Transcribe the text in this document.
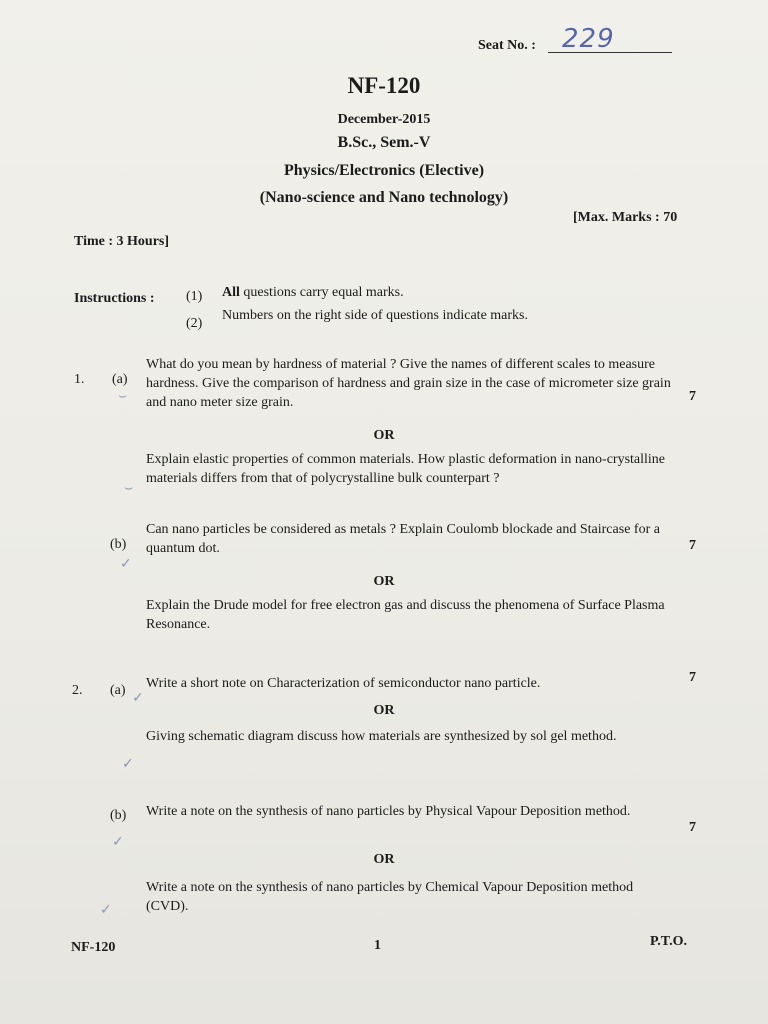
Seat No. : 229
NF-120
December-2015
B.Sc., Sem.-V
Physics/Electronics (Elective)
(Nano-science and Nano technology)
[Max. Marks : 70
Time : 3 Hours]
Instructions : (1) All questions carry equal marks.
(2)
Numbers on the right side of questions indicate marks.
1. (a)
What do you mean by hardness of material ? Give the names of different scales to measure hardness. Give the comparison of hardness and grain size in the case of micrometer size grain and nano meter size grain.	7
OR
Explain elastic properties of common materials. How plastic deformation in nano-crystalline materials differs from that of polycrystalline bulk counterpart ?
(b)
Can nano particles be considered as metals ? Explain Coulomb blockade and Staircase for a quantum dot.	7
OR
Explain the Drude model for free electron gas and discuss the phenomena of Surface Plasma Resonance.
2. (a) Write a short note on Characterization of semiconductor nano particle.	7
OR
Giving schematic diagram discuss how materials are synthesized by sol gel method.
(b) Write a note on the synthesis of nano particles by Physical Vapour Deposition method.
7
OR
Write a note on the synthesis of nano particles by Chemical Vapour Deposition method (CVD).
⌣
⌣
✓
✓
✓
✓
✓
NF-120	1	P.T.O.
